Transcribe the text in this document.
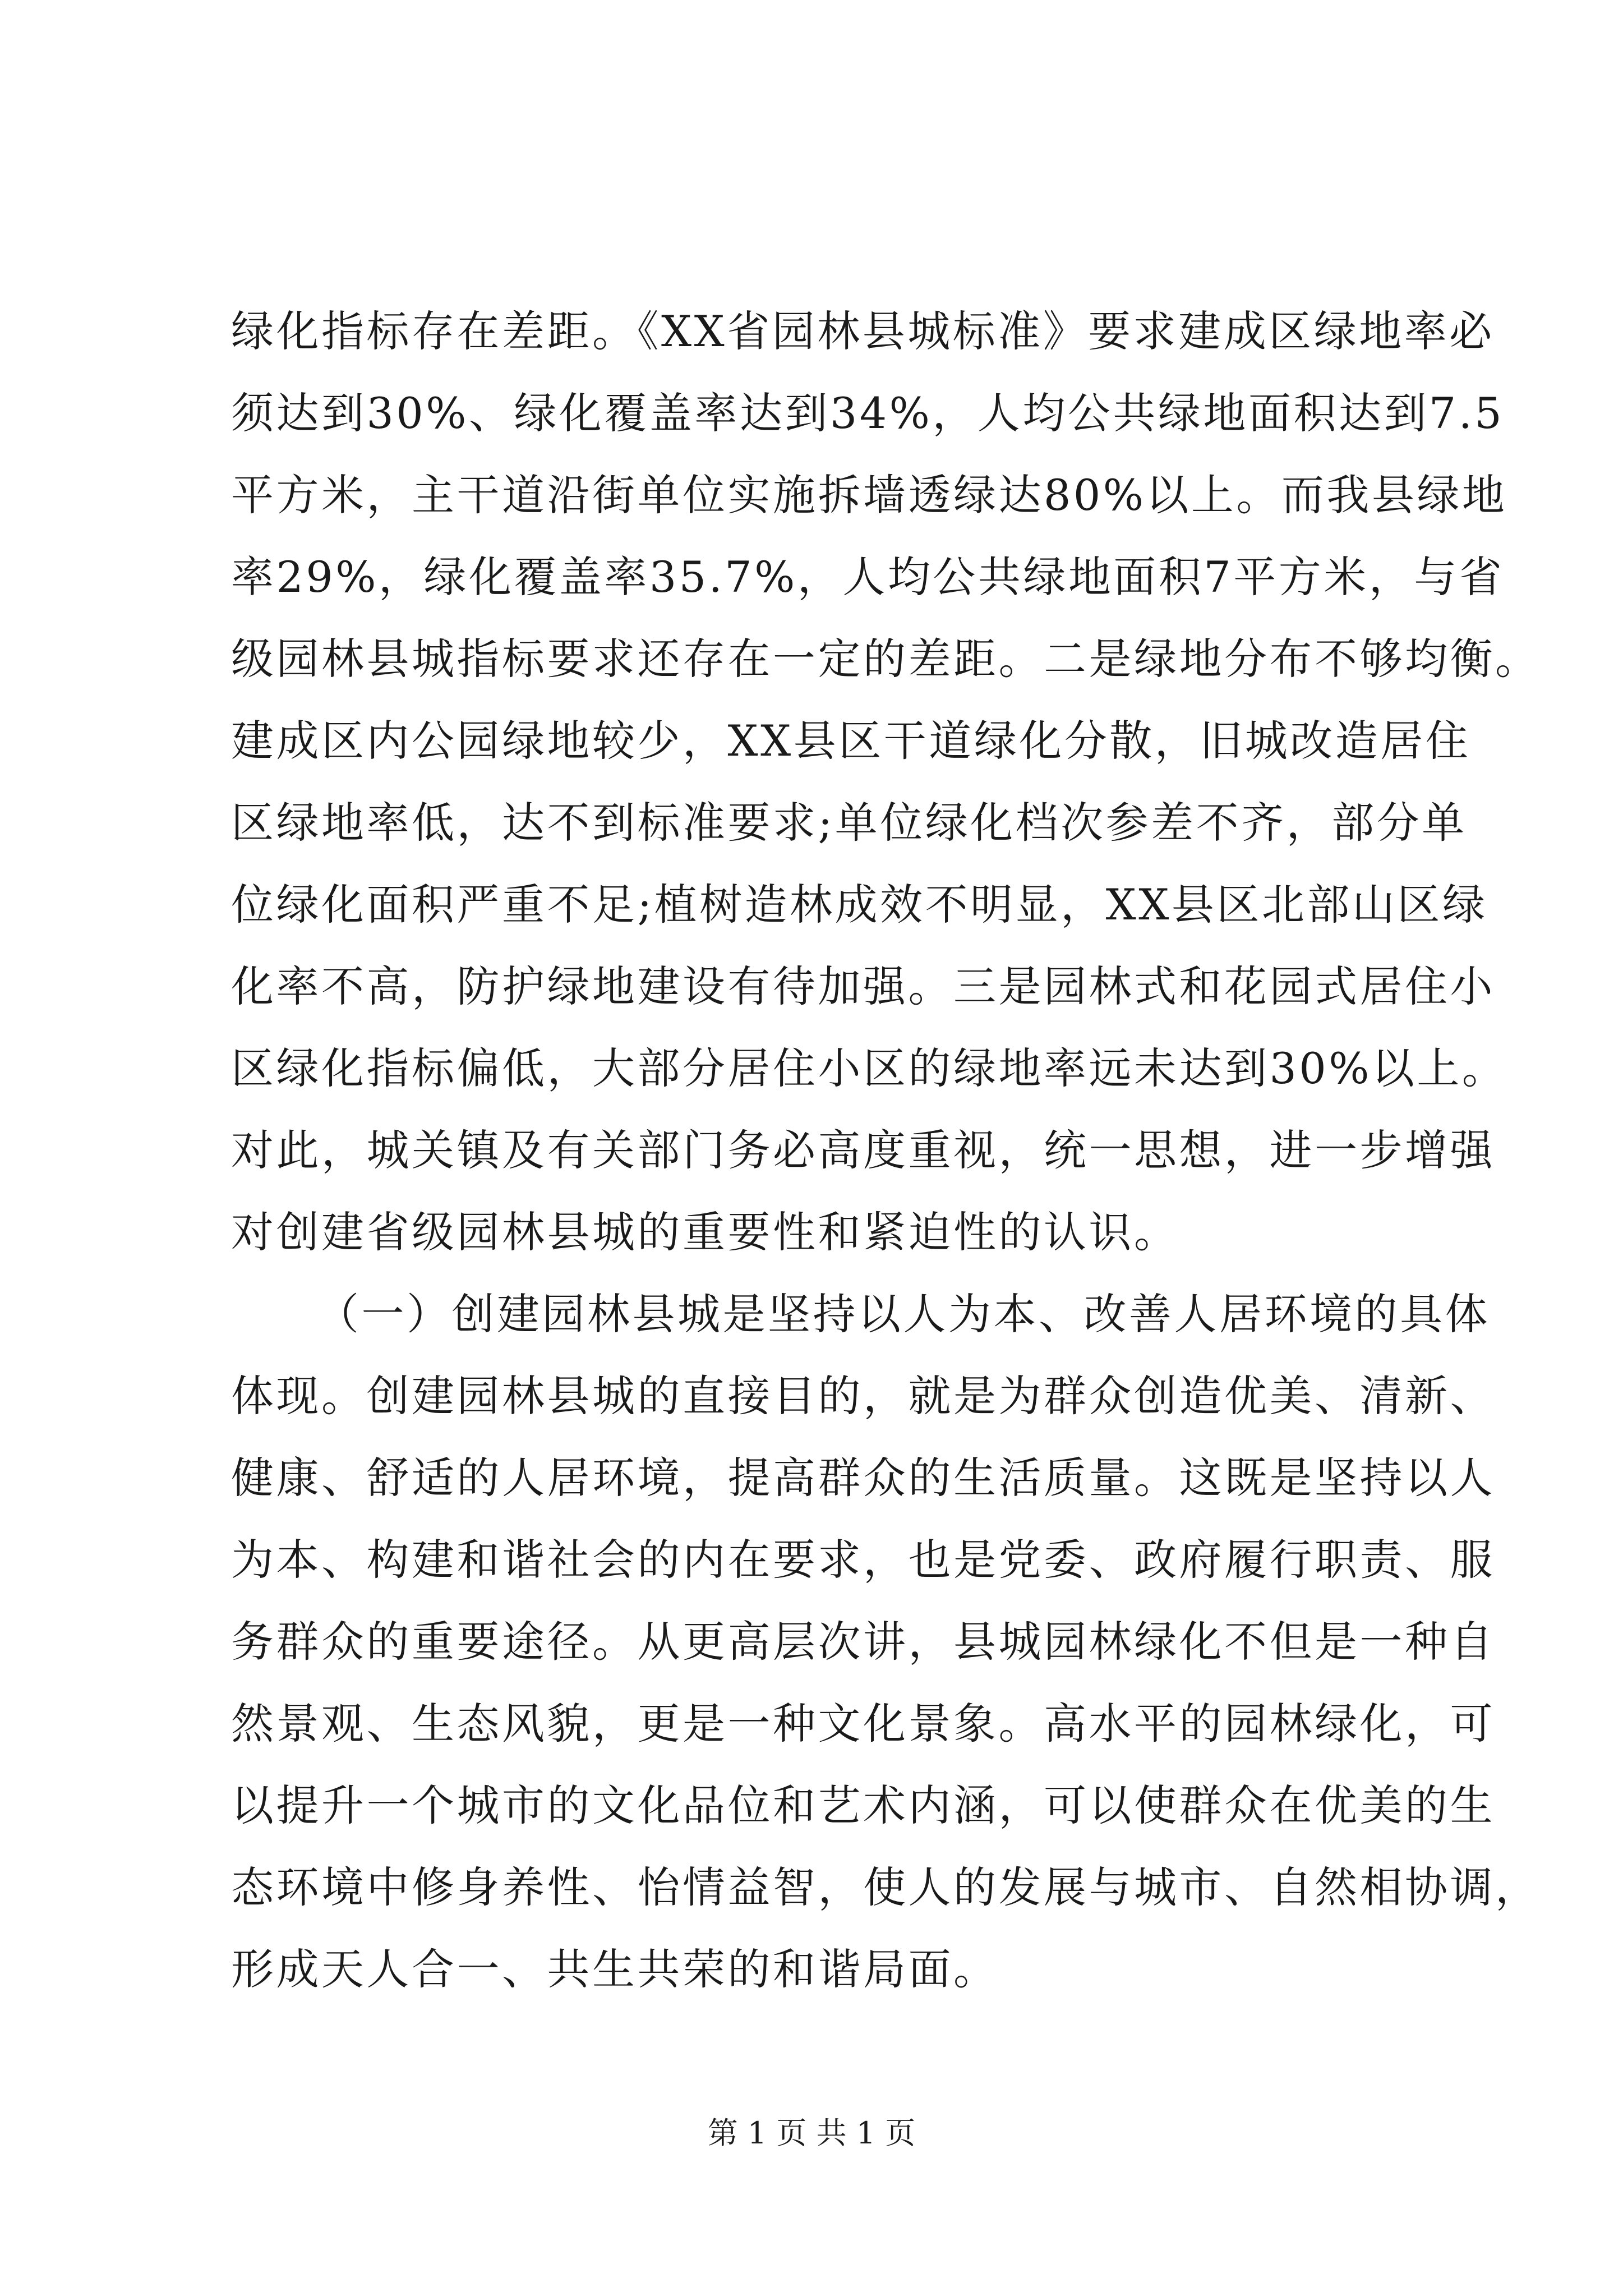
绿化指标存在差距。《XX省园林县城标准》要求建成区绿地率必
须达到30%、绿化覆盖率达到34%，人均公共绿地面积达到7.5
平方米，主干道沿街单位实施拆墙透绿达80%以上。而我县绿地
率29%，绿化覆盖率35.7%，人均公共绿地面积7平方米，与省
级园林县城指标要求还存在一定的差距。二是绿地分布不够均衡。
建成区内公园绿地较少，XX县区干道绿化分散，旧城改造居住
区绿地率低，达不到标准要求;单位绿化档次参差不齐，部分单
位绿化面积严重不足;植树造林成效不明显，XX县区北部山区绿
化率不高，防护绿地建设有待加强。三是园林式和花园式居住小
区绿化指标偏低，大部分居住小区的绿地率远未达到30%以上。
对此，城关镇及有关部门务必高度重视，统一思想，进一步增强
对创建省级园林县城的重要性和紧迫性的认识。
（一）创建园林县城是坚持以人为本、改善人居环境的具体
体现。创建园林县城的直接目的，就是为群众创造优美、清新、
健康、舒适的人居环境，提高群众的生活质量。这既是坚持以人
为本、构建和谐社会的内在要求，也是党委、政府履行职责、服
务群众的重要途径。从更高层次讲，县城园林绿化不但是一种自
然景观、生态风貌，更是一种文化景象。高水平的园林绿化，可
以提升一个城市的文化品位和艺术内涵，可以使群众在优美的生
态环境中修身养性、怡情益智，使人的发展与城市、自然相协调，
形成天人合一、共生共荣的和谐局面。
第 1 页 共 1 页
